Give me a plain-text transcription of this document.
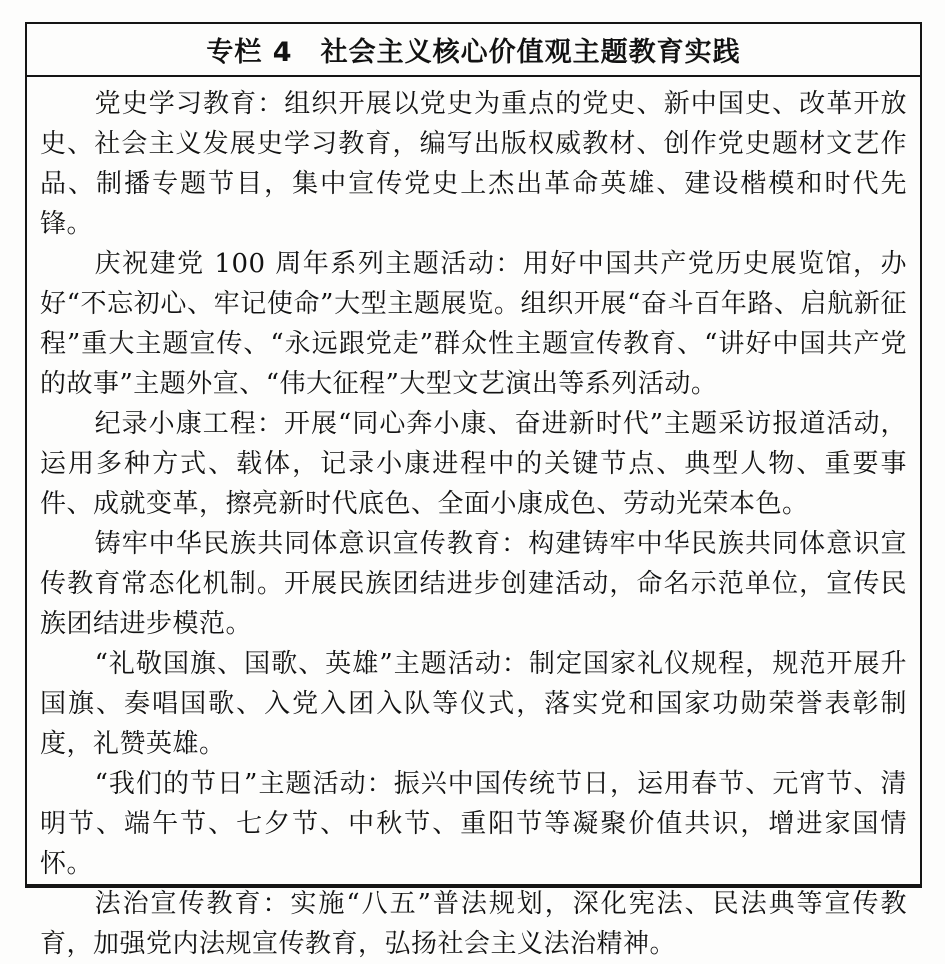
专栏 4　社会主义核心价值观主题教育实践

党史学习教育：组织开展以党史为重点的党史、新中国史、改革开放史、社会主义发展史学习教育，编写出版权威教材、创作党史题材文艺作品、制播专题节目，集中宣传党史上杰出革命英雄、建设楷模和时代先锋。

庆祝建党 100 周年系列主题活动：用好中国共产党历史展览馆，办好“不忘初心、牢记使命”大型主题展览。组织开展“奋斗百年路、启航新征程”重大主题宣传、“永远跟党走”群众性主题宣传教育、“讲好中国共产党的故事”主题外宣、“伟大征程”大型文艺演出等系列活动。

纪录小康工程：开展“同心奔小康、奋进新时代”主题采访报道活动，运用多种方式、载体，记录小康进程中的关键节点、典型人物、重要事件、成就变革，擦亮新时代底色、全面小康成色、劳动光荣本色。

铸牢中华民族共同体意识宣传教育：构建铸牢中华民族共同体意识宣传教育常态化机制。开展民族团结进步创建活动，命名示范单位，宣传民族团结进步模范。

“礼敬国旗、国歌、英雄”主题活动：制定国家礼仪规程，规范开展升国旗、奏唱国歌、入党入团入队等仪式，落实党和国家功勋荣誉表彰制度，礼赞英雄。

“我们的节日”主题活动：振兴中国传统节日，运用春节、元宵节、清明节、端午节、七夕节、中秋节、重阳节等凝聚价值共识，增进家国情怀。

法治宣传教育：实施“八五”普法规划，深化宪法、民法典等宣传教育，加强党内法规宣传教育，弘扬社会主义法治精神。
